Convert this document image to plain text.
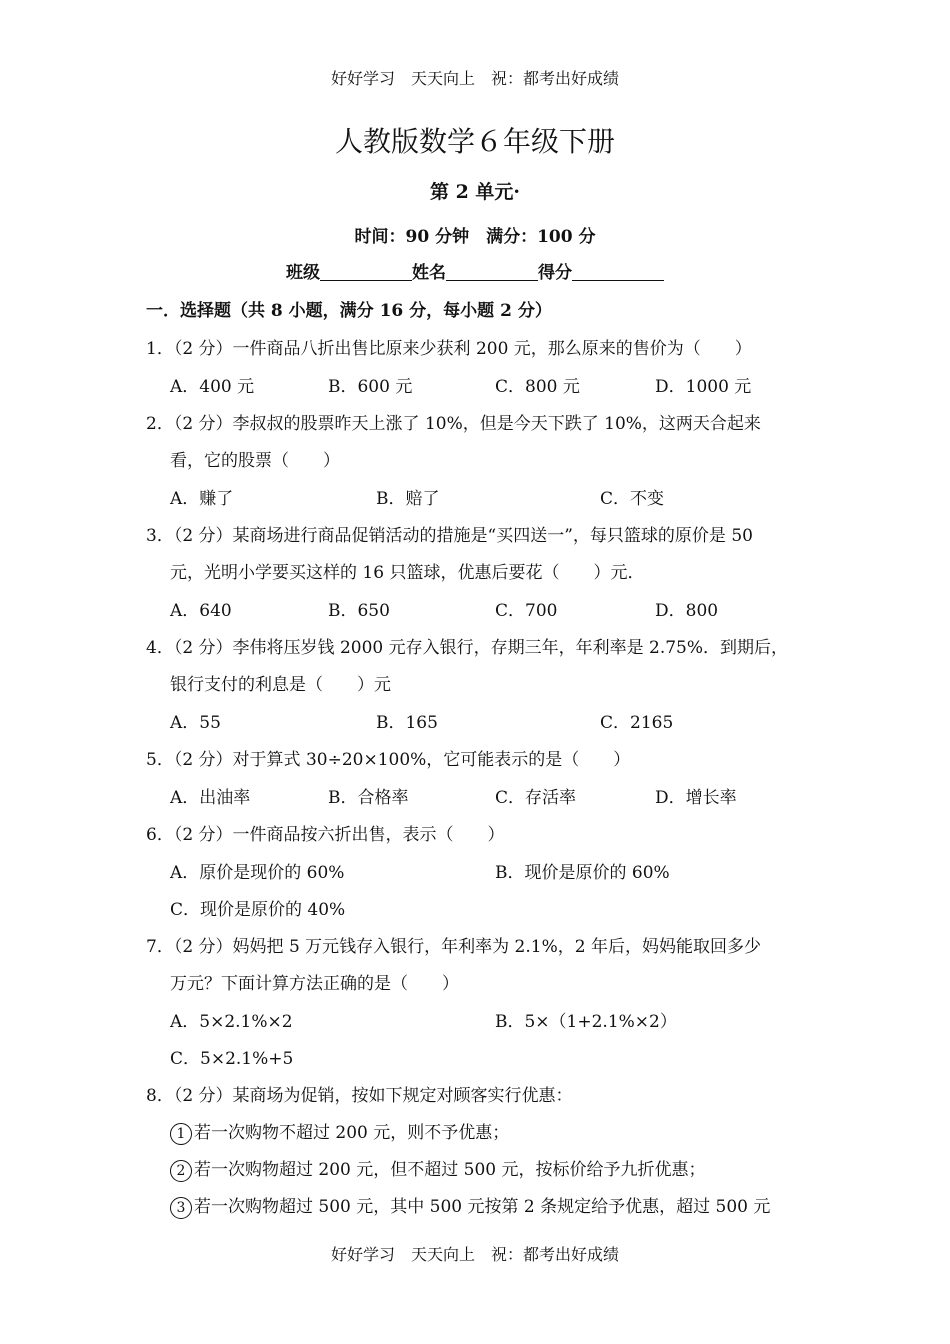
好好学习　天天向上　祝：都考出好成绩
人教版数学６年级下册
第 2 单元·
时间：90 分钟　满分：100 分
班级	姓名	得分
一．选择题（共 8 小题，满分 16 分，每小题 2 分）
1．（2 分）一件商品八折出售比原来少获利 200 元，那么原来的售价为（　　）
A．400 元	B．600 元	C．800 元	D．1000 元
2．（2 分）李叔叔的股票昨天上涨了 10%，但是今天下跌了 10%，这两天合起来
看，它的股票（　　）
A．赚了	B．赔了	C．不变
3．（2 分）某商场进行商品促销活动的措施是“买四送一”，每只篮球的原价是 50
元，光明小学要买这样的 16 只篮球，优惠后要花（　　）元．
A．640	B．650	C．700	D．800
4．（2 分）李伟将压岁钱 2000 元存入银行，存期三年，年利率是 2.75%．到期后，
银行支付的利息是（　　）元
A．55	B．165	C．2165
5．（2 分）对于算式 30÷20×100%，它可能表示的是（　　）
A．出油率	B．合格率	C．存活率	D．增长率
6．（2 分）一件商品按六折出售，表示（　　）
A．原价是现价的 60%	B．现价是原价的 60%
C．现价是原价的 40%
7．（2 分）妈妈把 5 万元钱存入银行，年利率为 2.1%，2 年后，妈妈能取回多少
万元？下面计算方法正确的是（　　）
A．5×2.1%×2	B．5×（1+2.1%×2）
C．5×2.1%+5
8．（2 分）某商场为促销，按如下规定对顾客实行优惠：
1 若一次购物不超过 200 元，则不予优惠；
2 若一次购物超过 200 元，但不超过 500 元，按标价给予九折优惠；
3 若一次购物超过 500 元，其中 500 元按第 2 条规定给予优惠，超过 500 元
好好学习　天天向上　祝：都考出好成绩
